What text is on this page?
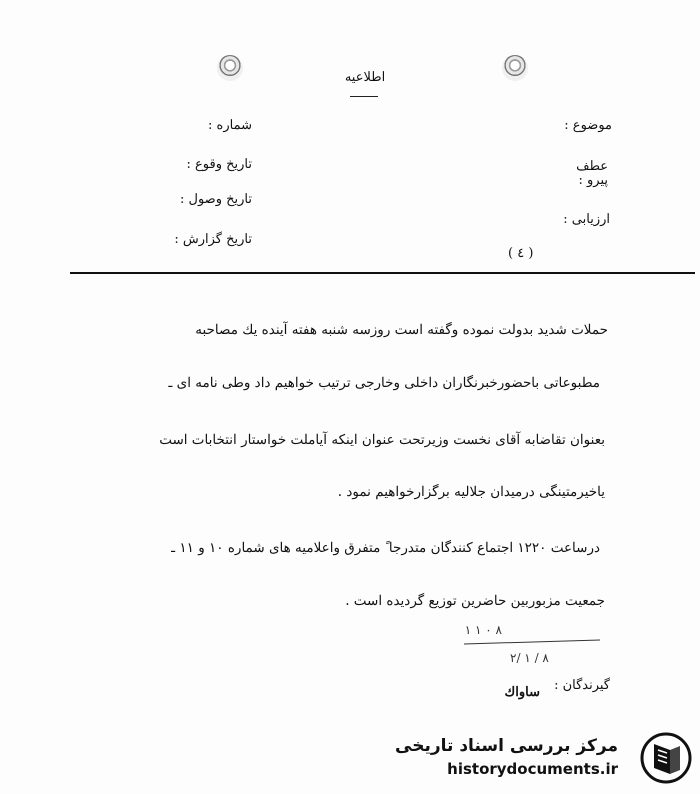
اطلاعیه
موضوع :
عطف
پیرو :
ارزیابی :
شماره :
تاریخ وقوع :
تاریخ وصول :
تاریخ گزارش :
( ٤ )
حملات شدید بدولت نموده وگفته است روزسه شنبه هفته آینده یك مصاحبه
مطبوعاتی باحضورخبرنگاران داخلی وخارجی ترتیب خواهیم داد وطی نامه ای ـ
بعنوان تقاضابه آقای نخست وزیرتحت عنوان اینکه آیاملت خواستار انتخابات است
یاخیرمتینگی درمیدان جلالیه برگزارخواهیم نمود .
درساعت ۱۲۲۰ اجتماع کنندگان متدرجا ً متفرق واعلامیه های شماره ۱۰ و ۱۱ ـ
جمعیت مزبوربین حاضرین توزیع گردیده است .
۸ ۰ ۱ ۱
۲/ ۱ / ۸
گیرندگان :
ساواك
مرکز بررسی اسناد تاریخی
historydocuments.ir
